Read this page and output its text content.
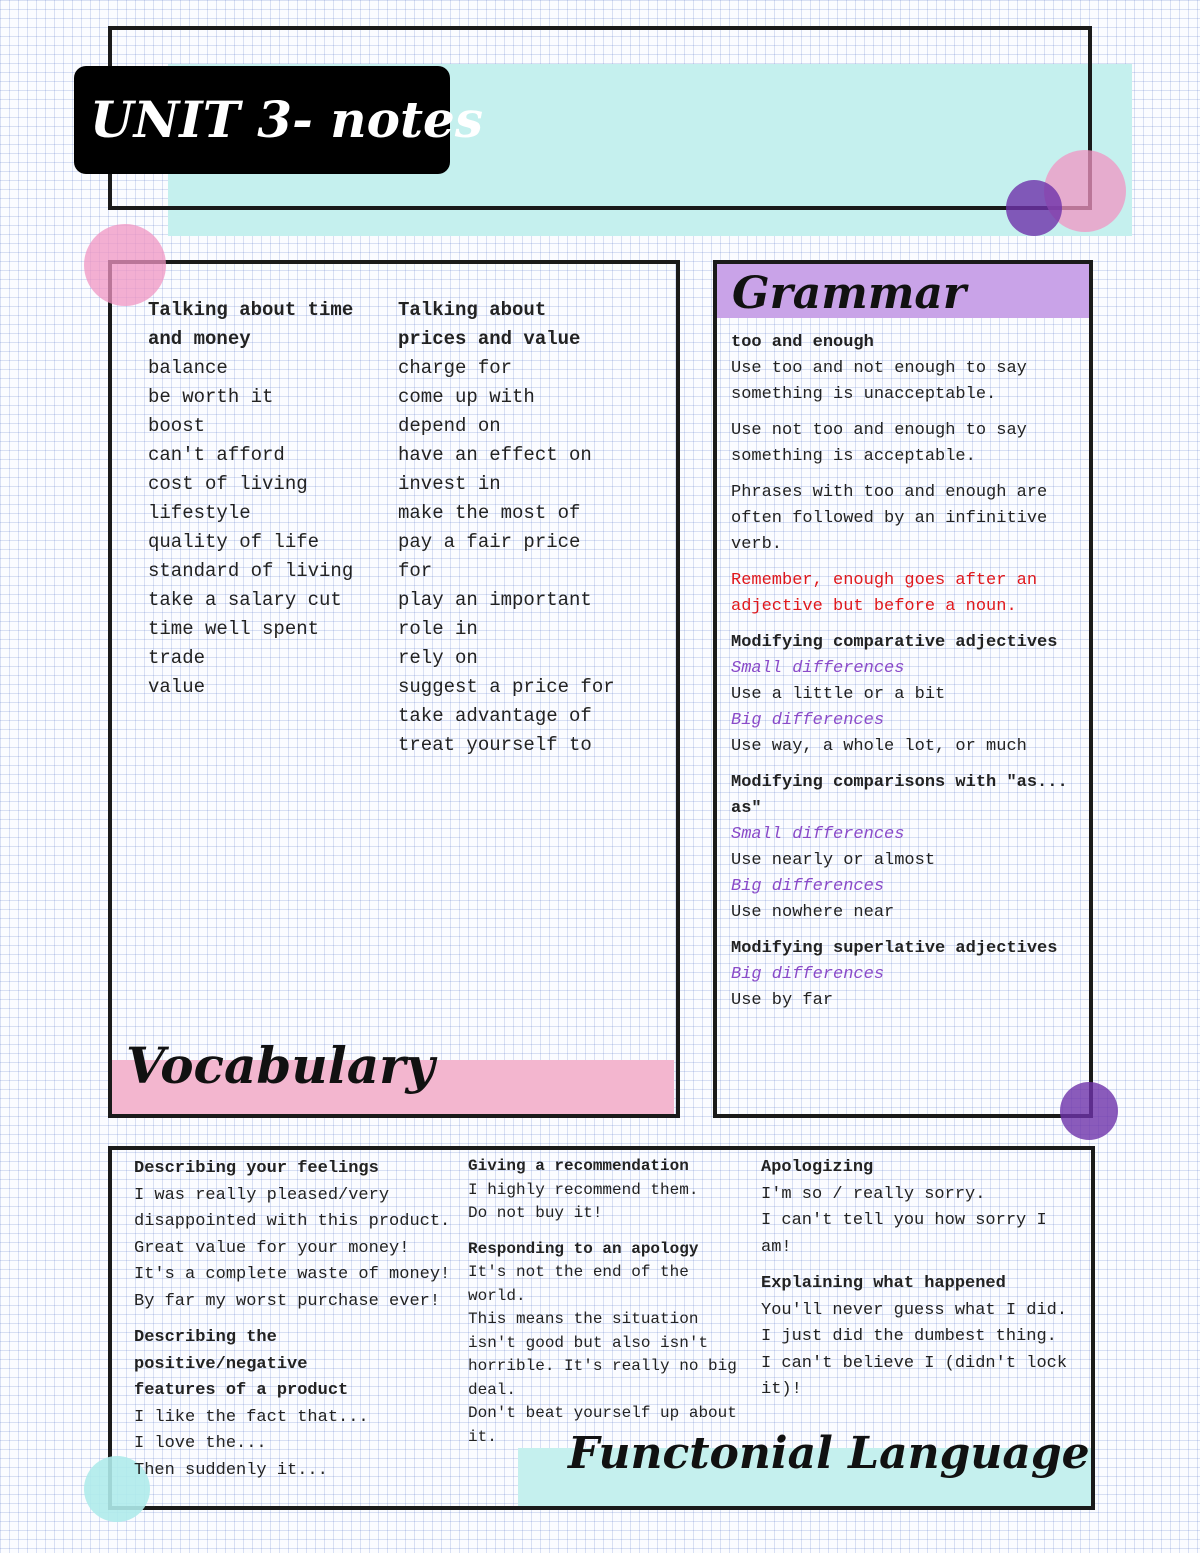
UNIT 3- notes
Vocabulary
Talking about time
and money
balance
be worth it
boost
can't afford
cost of living
lifestyle
quality of life
standard of living
take a salary cut
time well spent
trade
value
Talking about
prices and value
charge for
come up with
depend on
have an effect on
invest in
make the most of
pay a fair price
for
play an important
role in
rely on
suggest a price for
take advantage of
treat yourself to
Grammar
too and enough
Use too and not enough to say
something is unacceptable.
Use not too and enough to say
something is acceptable.
Phrases with too and enough are
often followed by an infinitive
verb.
Remember, enough goes after an
adjective but before a noun.
Modifying comparative adjectives
Small differences
Use a little or a bit
Big differences
Use way, a whole lot, or much
Modifying comparisons with "as...
as"
Small differences
Use nearly or almost
Big differences
Use nowhere near
Modifying superlative adjectives
Big differences
Use by far
Functonial Language
Describing your feelings
I was really pleased/very
disappointed with this product.
Great value for your money!
It's a complete waste of money!
By far my worst purchase ever!
Describing the positive/negative
features of a product
I like the fact that...
I love the...
Then suddenly it...
Giving a recommendation
I highly recommend them.
Do not buy it!
Responding to an apology
It's not the end of the
world.
This means the situation
isn't good but also isn't
horrible. It's really no big
deal.
Don't beat yourself up about
it.
Apologizing
I'm so / really sorry.
I can't tell you how sorry I
am!
Explaining what happened
You'll never guess what I did.
I just did the dumbest thing.
I can't believe I (didn't lock
it)!
